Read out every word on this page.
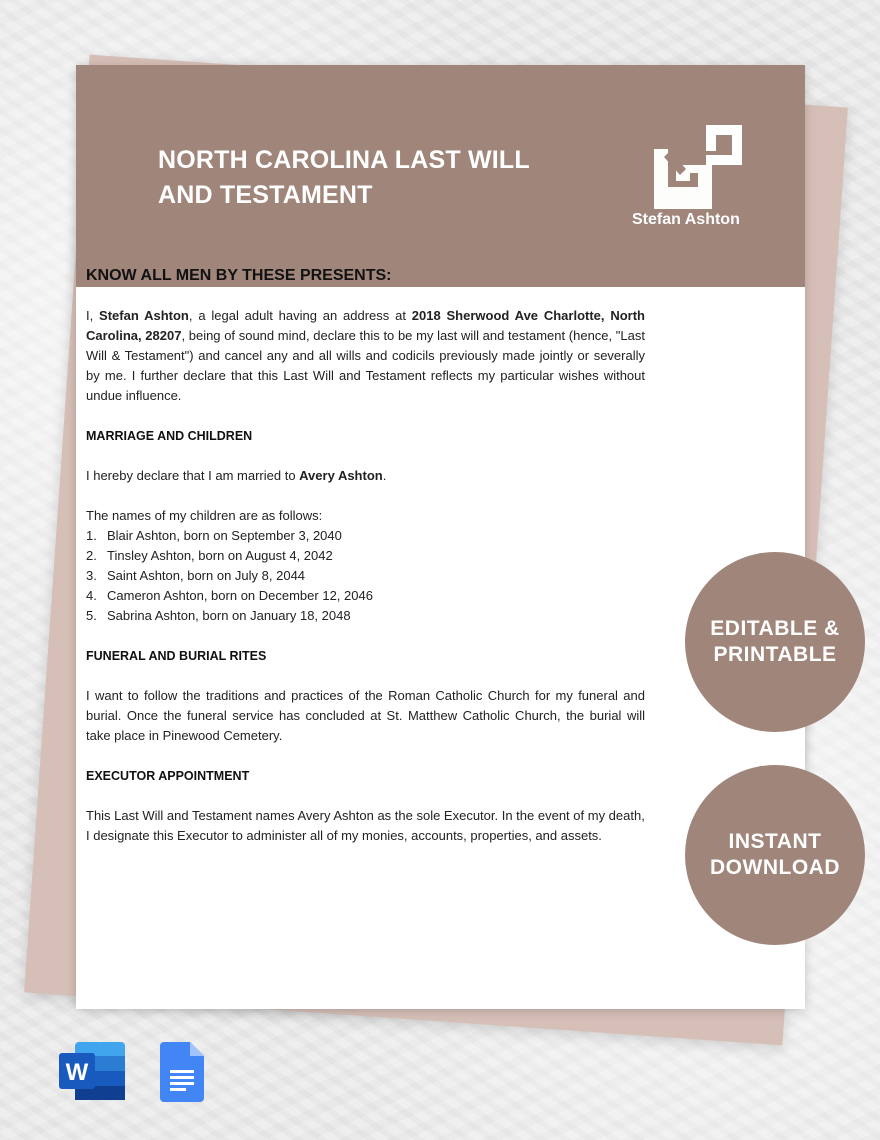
NORTH CAROLINA LAST WILL AND TESTAMENT
Stefan Ashton
KNOW ALL MEN BY THESE PRESENTS:

I, Stefan Ashton, a legal adult having an address at 2018 Sherwood Ave Charlotte, North Carolina, 28207, being of sound mind, declare this to be my last will and testament (hence, "Last Will & Testament") and cancel any and all wills and codicils previously made jointly or severally by me. I further declare that this Last Will and Testament reflects my particular wishes without undue influence.

MARRIAGE AND CHILDREN

I hereby declare that I am married to Avery Ashton.

The names of my children are as follows:

1. Blair Ashton, born on September 3, 2040
2. Tinsley Ashton, born on August 4, 2042
3. Saint Ashton, born on July 8, 2044
4. Cameron Ashton, born on December 12, 2046
5. Sabrina Ashton, born on January 18, 2048

FUNERAL AND BURIAL RITES

I want to follow the traditions and practices of the Roman Catholic Church for my funeral and burial. Once the funeral service has concluded at St. Matthew Catholic Church, the burial will take place in Pinewood Cemetery.

EXECUTOR APPOINTMENT

This Last Will and Testament names Avery Ashton as the sole Executor. In the event of my death, I designate this Executor to administer all of my monies, accounts, properties, and assets.

EDITABLE &
PRINTABLE
INSTANT
DOWNLOAD
W
